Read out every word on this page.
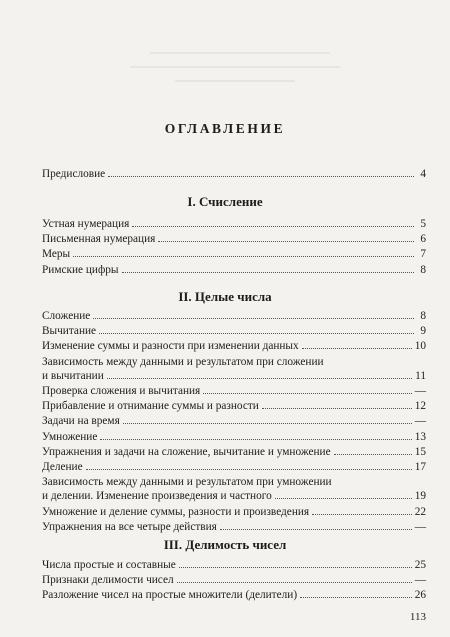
ОГЛАВЛЕНИЕ
Предисловие	4
I. Счисление
Устная нумерация	5
Письменная нумерация	6
Меры	7
Римские цифры	8
II. Целые числа
Сложение	8
Вычитание	9
Изменение суммы и разности при изменении данных	10
Зависимость между данными и результатом при сложении
и вычитании	11
Проверка сложения и вычитания	—
Прибавление и отнимание суммы и разности	12
Задачи на время	—
Умножение	13
Упражнения и задачи на сложение, вычитание и умножение	15
Деление	17
Зависимость между данными и результатом при умножении
и делении. Изменение произведения и частного	19
Умножение и деление суммы, разности и произведения	22
Упражнения на все четыре действия	—
III. Делимость чисел
Числа простые и составные	25
Признаки делимости чисел	—
Разложение чисел на простые множители (делители)	26
113
